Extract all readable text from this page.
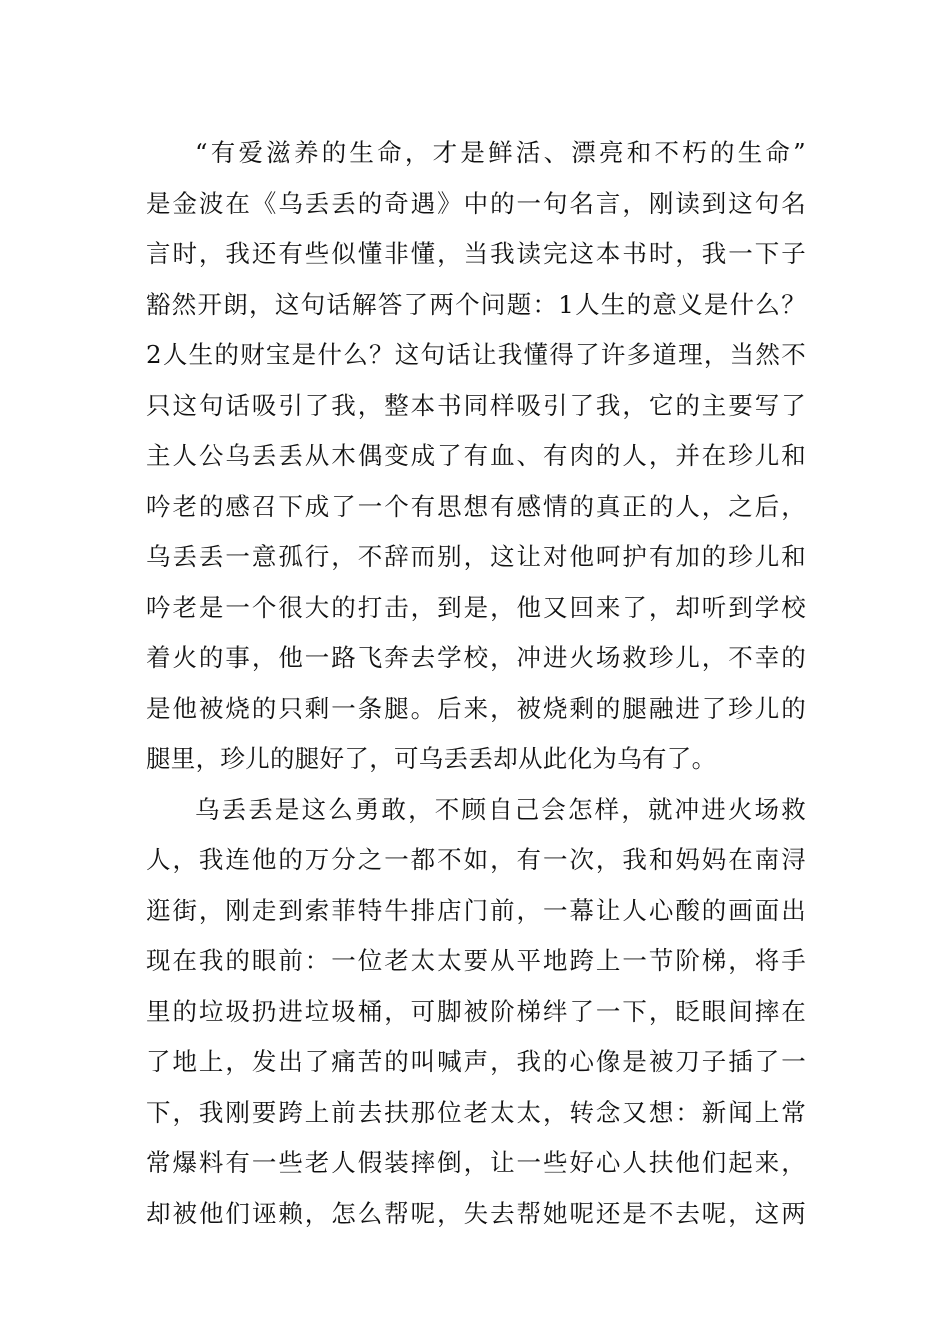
“有爱滋养的生命，才是鲜活、漂亮和不朽的生命”
是金波在《乌丢丢的奇遇》中的一句名言，刚读到这句名
言时，我还有些似懂非懂，当我读完这本书时，我一下子
豁然开朗，这句话解答了两个问题：1人生的意义是什么？
2人生的财宝是什么？这句话让我懂得了许多道理，当然不
只这句话吸引了我，整本书同样吸引了我，它的主要写了
主人公乌丢丢从木偶变成了有血、有肉的人，并在珍儿和
吟老的感召下成了一个有思想有感情的真正的人，之后，
乌丢丢一意孤行，不辞而别，这让对他呵护有加的珍儿和
吟老是一个很大的打击，到是，他又回来了，却听到学校
着火的事，他一路飞奔去学校，冲进火场救珍儿，不幸的
是他被烧的只剩一条腿。后来，被烧剩的腿融进了珍儿的
腿里，珍儿的腿好了，可乌丢丢却从此化为乌有了。
乌丢丢是这么勇敢，不顾自己会怎样，就冲进火场救
人，我连他的万分之一都不如，有一次，我和妈妈在南浔
逛街，刚走到索菲特牛排店门前，一幕让人心酸的画面出
现在我的眼前：一位老太太要从平地跨上一节阶梯，将手
里的垃圾扔进垃圾桶，可脚被阶梯绊了一下，眨眼间摔在
了地上，发出了痛苦的叫喊声，我的心像是被刀子插了一
下，我刚要跨上前去扶那位老太太，转念又想：新闻上常
常爆料有一些老人假装摔倒，让一些好心人扶他们起来，
却被他们诬赖，怎么帮呢，失去帮她呢还是不去呢，这两
